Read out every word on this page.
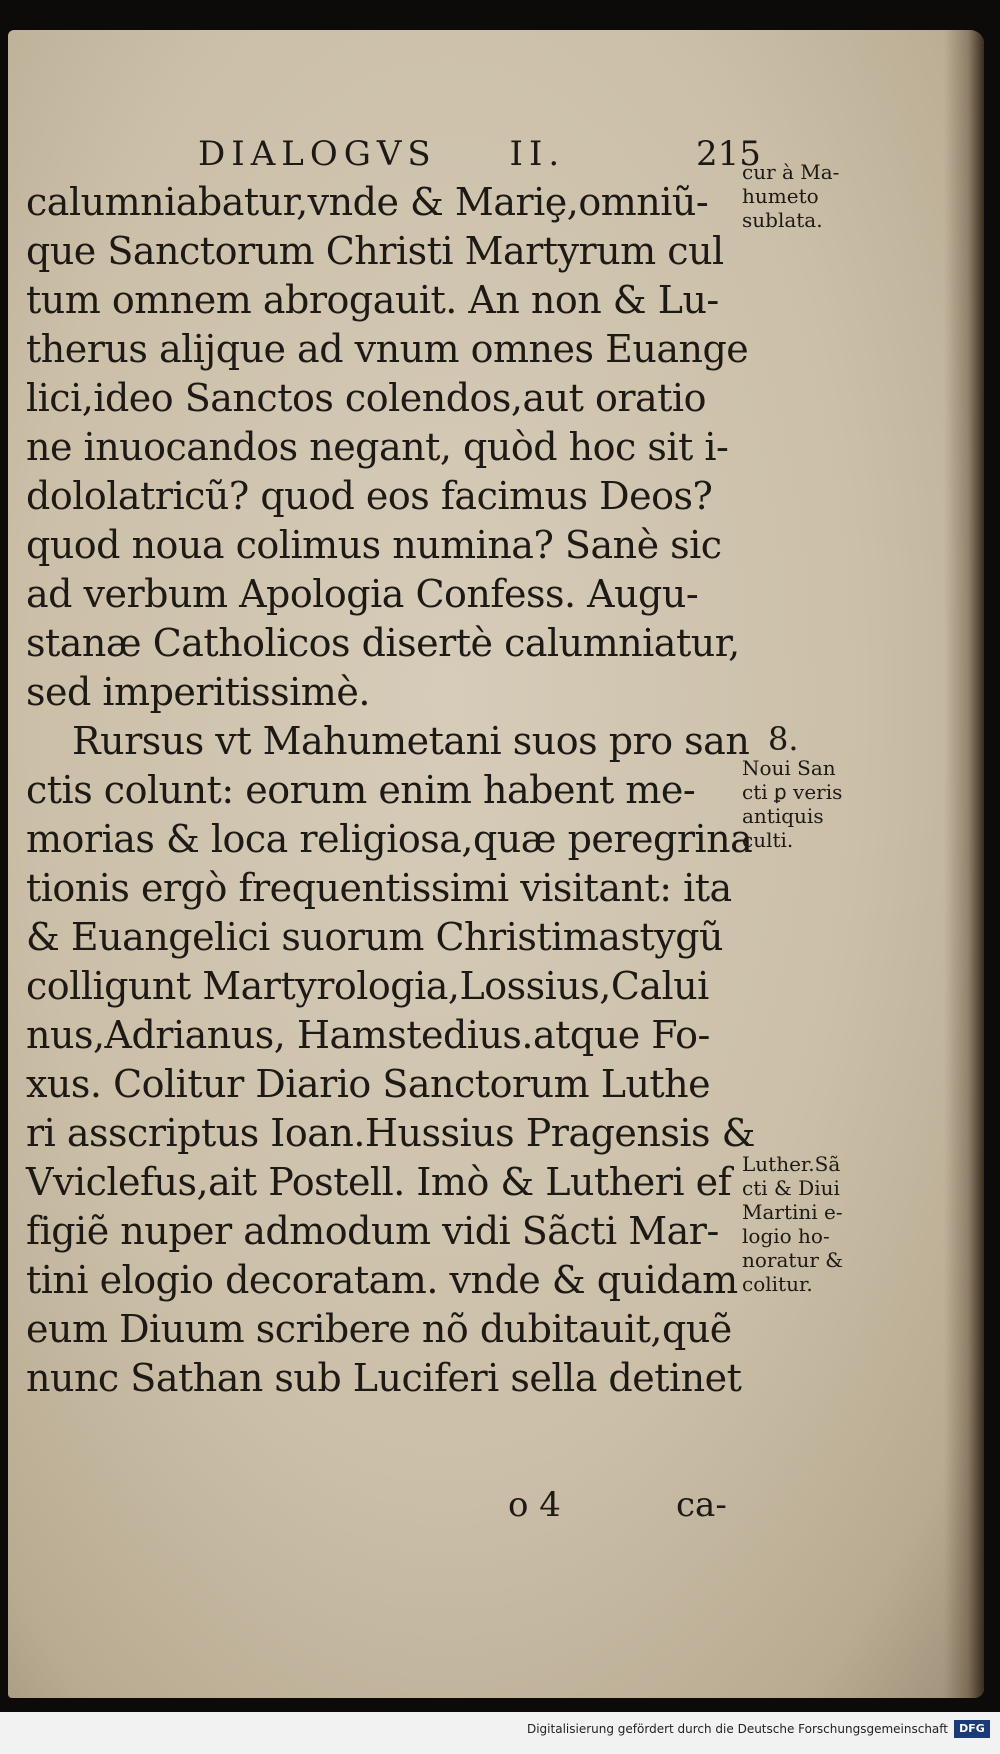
DIALOGVS II.	215
calumniabatur,vnde & Mariȩ,omniũ-
que Sanctorum Christi Martyrum cul
tum omnem abrogauit. An non & Lu-
therus alijque ad vnum omnes Euange
lici,ideo Sanctos colendos,aut oratio
ne inuocandos negant, quòd hoc sit i-
dololatricũ? quod eos facimus Deos?
quod noua colimus numina? Sanè sic
ad verbum Apologia Confess. Augu-
stanæ Catholicos disertè calumniatur,
sed imperitissimè.
Rursus vt Mahumetani suos pro san
ctis colunt: eorum enim habent me-
morias & loca religiosa,quæ peregrina
tionis ergò frequentissimi visitant: ita
& Euangelici suorum Christimastygũ
colligunt Martyrologia,Lossius,Calui
nus,Adrianus, Hamstedius.atque Fo-
xus. Colitur Diario Sanctorum Luthe
ri asscriptus Ioan.Hussius Pragensis &
Vviclefus,ait Postell. Imò & Lutheri ef
figiẽ nuper admodum vidi Sãcti Mar-
tini elogio decoratam. vnde & quidam
eum Diuum scribere nõ dubitauit,quẽ
nunc Sathan sub Luciferi sella detinet
cur à Ma-
humeto
sublata.
8.
Noui San
cti ꝑ veris
antiquis
culti.
Luther.Sã
cti & Diui
Martini e-
logio ho-
noratur &
colitur.
o 4	ca-
Digitalisierung gefördert durch die Deutsche Forschungsgemeinschaft	DFG
